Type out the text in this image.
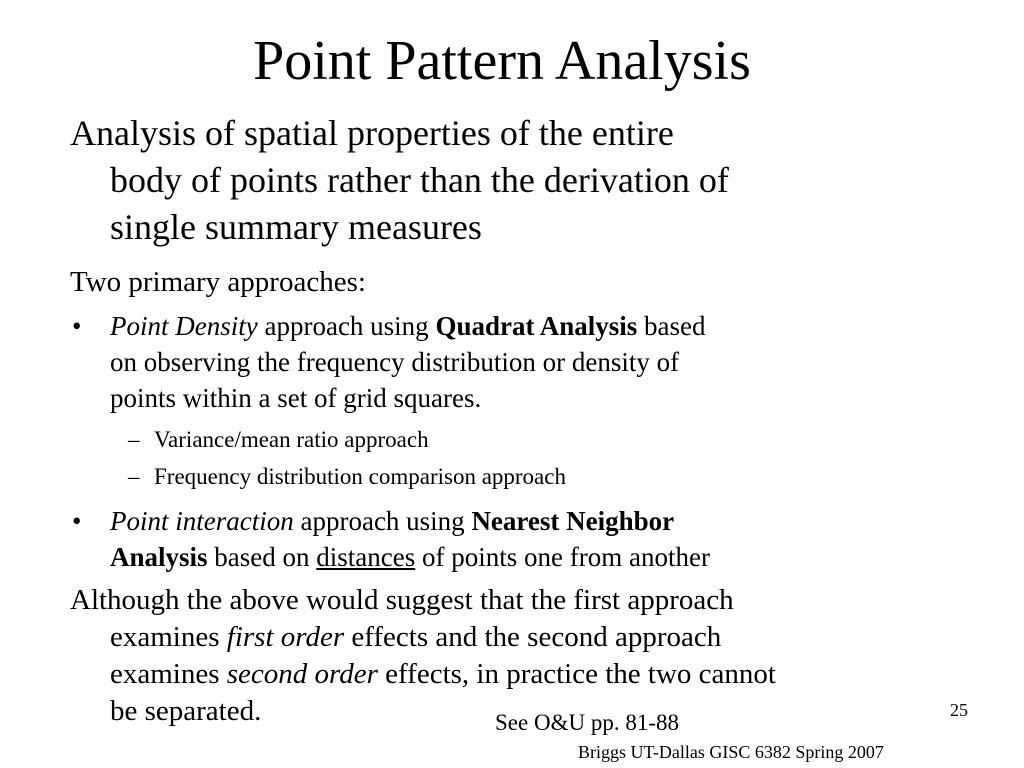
Point Pattern Analysis
Analysis of spatial properties of the entire
body of points rather than the derivation of
single summary measures
Two primary approaches:
• Point Density approach using Quadrat Analysis based
on observing the frequency distribution or density of
points within a set of grid squares.
– Variance/mean ratio approach
– Frequency distribution comparison approach
• Point interaction approach using Nearest Neighbor
Analysis based on distances of points one from another
Although the above would suggest that the first approach
examines first order effects and the second approach
examines second order effects, in practice the two cannot
be separated.	25
See O&U pp. 81-88
Briggs UT-Dallas GISC 6382 Spring 2007
